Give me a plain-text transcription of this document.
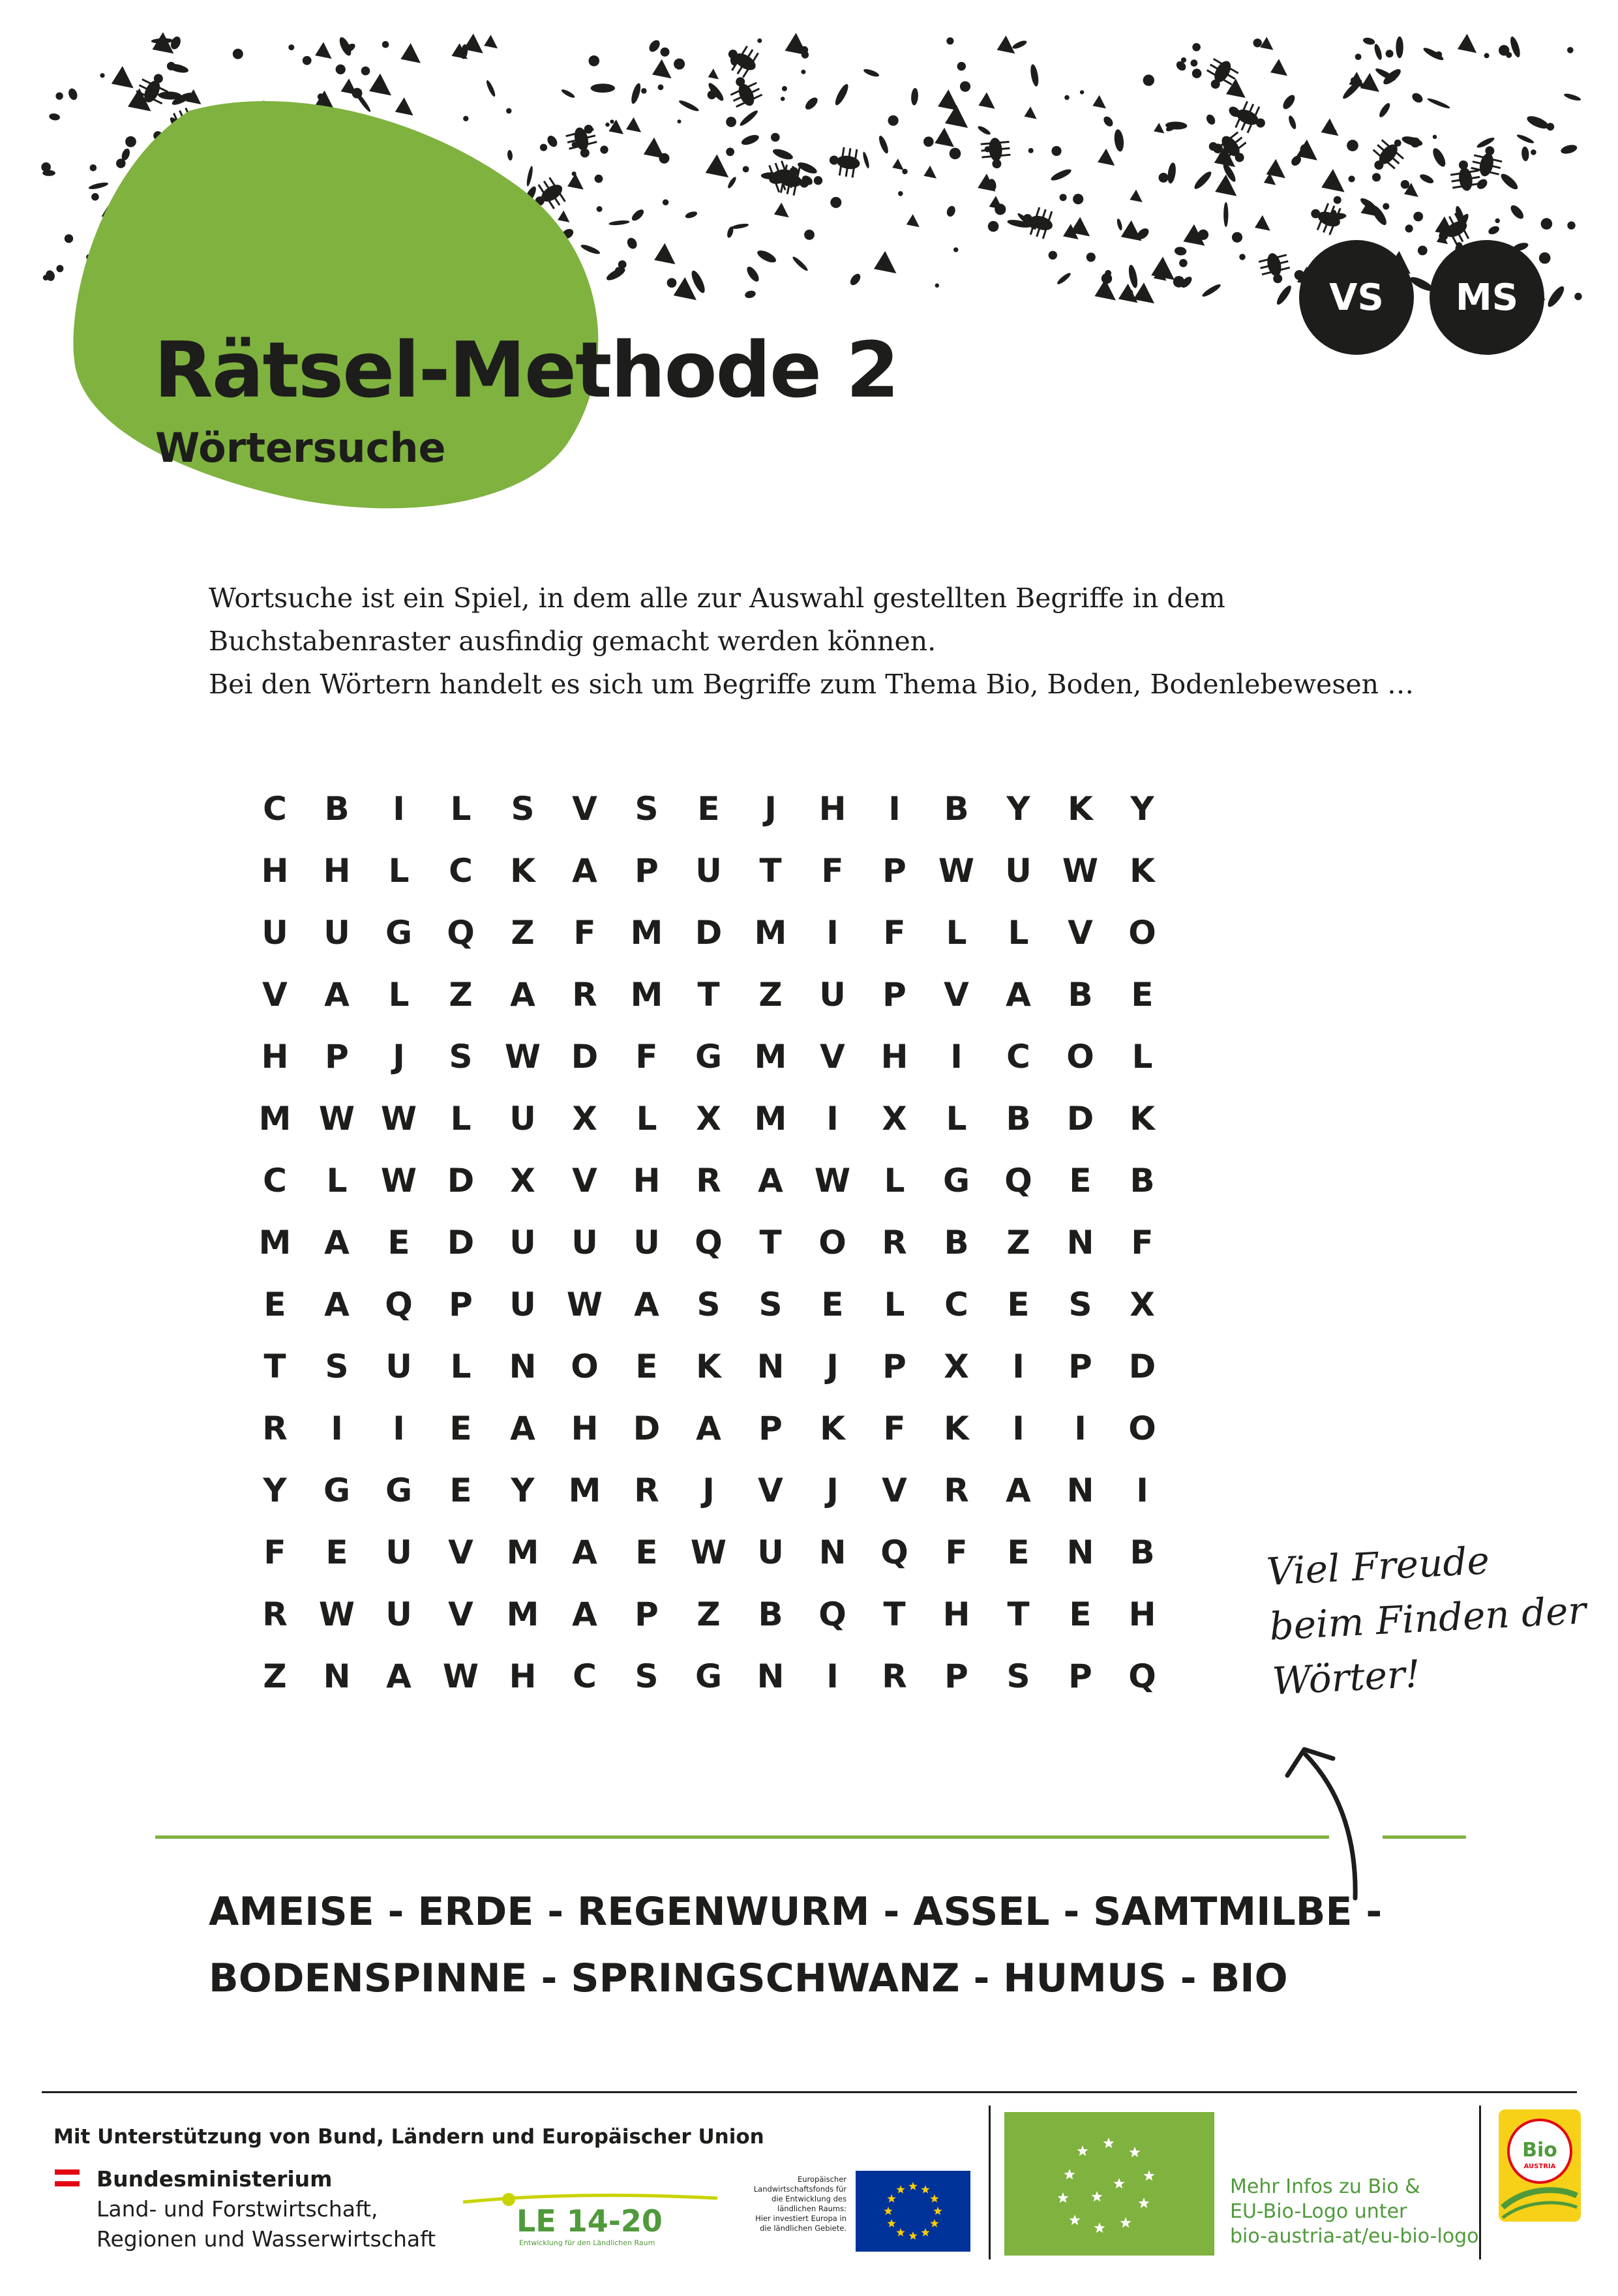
Rätsel-Methode 2
Wörtersuche
VS	MS
Wortsuche ist ein Spiel, in dem alle zur Auswahl gestellten Begriffe in dem
Buchstabenraster ausfindig gemacht werden können.
Bei den Wörtern handelt es sich um Begriffe zum Thema Bio, Boden, Bodenlebewesen …
C	B	I	L	S	V	S	E	J	H	I	B	Y	K	Y
H	H	L	C	K	A	P	U	T	F	P W U W K
U	U	G	Q	Z	F	M D M	I	F	L	L	V	O
V	A	L	Z	A	R	M	T	Z	U	P	V	A	B	E
H	P	J	S W D	F	G M	V	H	I	C	O	L
M W W	L	U	X	L	X	M	I	X	L	B	D	K
C	L	W D	X	V	H	R	A W	L	G	Q	E	B
M	A	E	D	U	U	U	Q	T	O	R	B	Z	N	F
E	A	Q	P	U W A	S	S	E	L	C	E	S	X
T	S	U	L	N	O	E	K	N	J	P	X	I	P	D
R	I	I	E	A	H	D	A	P	K	F	K	I	I	O
Y	G	G	E	Y	M	R	J	V	J	V	R	A	N	I
F	E	U	V	M	A	E	W U	N	Q	F	E	N	B
R W U	V	M	A	P	Z	B	Q	T	H	T	E	H
Z	N	A W H	C	S	G	N	I	R	P	S	P	Q
Viel Freude
beim Finden der
Wörter!
AMEISE - ERDE - REGENWURM - ASSEL - SAMTMILBE -
BODENSPINNE - SPRINGSCHWANZ - HUMUS - BIO
Mit Unterstützung von Bund, Ländern und Europäischer Union
Bundesministerium
Land- und Forstwirtschaft,
Regionen und Wasserwirtschaft
LE 14-20
Entwicklung für den Ländlichen Raum
Europäischer
Landwirtschaftsfonds für
die Entwicklung des
ländlichen Raums:
Hier investiert Europa in
die ländlichen Gebiete.
Mehr Infos zu Bio &
EU-Bio-Logo unter
bio-austria-at/eu-bio-logo
Bio
AUSTRIA
